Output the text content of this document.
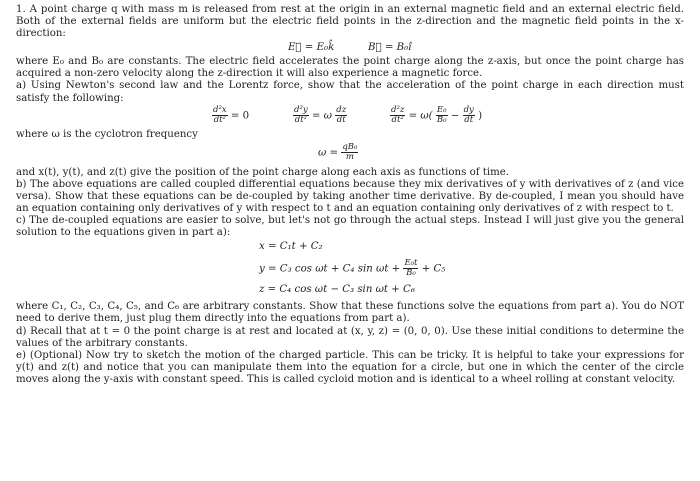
1. A point charge q with mass m is released from rest at the origin in an external magnetic field and an external electric field. Both of the external fields are uniform but the electric field points in the z-direction and the magnetic field points in the x-direction:

E⃗ = E₀k̂	B⃗ = B₀î

where E₀ and B₀ are constants. The electric field accelerates the point charge along the z-axis, but once the point charge has acquired a non-zero velocity along the z-direction it will also experience a magnetic force.

a) Using Newton's second law and the Lorentz force, show that the acceleration of the point charge in each direction must satisfy the following:

$\frac{\text{d²x}}{\text{dt²}} = 0$	$\frac{\text{d²y}}{\text{dt²}} = \omega \frac{dz}{dt}$	$\frac{\text{d²z}}{\text{dt²}} = \omega( \frac{\text{E₀}}{\text{B₀}} - \frac{dy}{dt}$ )

where ω is the cyclotron frequency

$\omega = \frac{\text{qB₀}}{m}$

and x(t), y(t), and z(t) give the position of the point charge along each axis as functions of time.

b) The above equations are called coupled differential equations because they mix derivatives of y with derivatives of z (and vice versa). Show that these equations can be de-coupled by taking another time derivative. By de-coupled, I mean you should have an equation containing only derivatives of y with respect to t and an equation containing only derivatives of z with respect to t.

c) The de-coupled equations are easier to solve, but let's not go through the actual steps. Instead I will just give you the general solution to the equations given in part a):

x = C₁t + C₂
y = C₃ cos ωt + C₄ $\sin \omega t + \frac{\text{E₀t}}{\text{B₀}} + C_5$
z = C₄ cos ωt − C₃ sin ωt + C₆

where C₁, C₂, C₃, C₄, C₅, and C₆ are arbitrary constants. Show that these functions solve the equations from part a). You do NOT need to derive them, just plug them directly into the equations from part a).

d) Recall that at t = 0 the point charge is at rest and located at (x, y, z) = (0, 0, 0). Use these initial conditions to determine the values of the arbitrary constants.

e) (Optional) Now try to sketch the motion of the charged particle. This can be tricky. It is helpful to take your expressions for y(t) and z(t) and notice that you can manipulate them into the equation for a circle, but one in which the center of the circle moves along the y-axis with constant speed. This is called cycloid motion and is identical to a wheel rolling at constant velocity.
